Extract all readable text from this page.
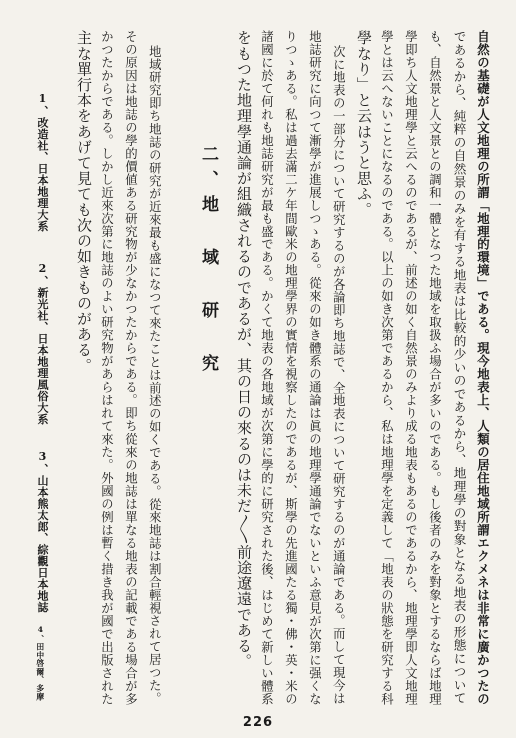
自然の基礎が人文地理の所謂「地理的環境」である。現今地表上、人類の居住地域所謂エクメネは非常に廣かつたの
であるから、純粹の自然景のみを有する地表は比較的少いのであるから、地理學の對象となる地表の形態について
も、自然景と人文景との調和一體となつた地域を取扱ふ場合が多いのである。もし後者のみを對象とするならば地理
學即ち人文地理學と云へるのであるが、前述の如く自然景のみより成る地表もあるのであるから、地理學即人文地理
學とは云へないことになるのである。以上の如き次第であるから、私は地理學を定義して「地表の狀態を研究する科
學なり」と云はうと思ふ。
次に地表の一部分について研究するのが各論即ち地誌で、全地表について研究するのが通論である。而して現今は
地誌研究に向つて漸學が進展しつゝある。從來の如き體系の通論は眞の地理學通論でないといふ意見が次第に强くな
りつゝある。私は過去滿二ケ年間歐米の地理學界の實情を視察したのであるが、斯學の先進國たる獨・佛・英・米の
諸國に於て何れも地誌研究が最も盛である。かくて地表の各地域が次第に學的に研究された後、はじめて新しい體系
をもつた地理學通論が組織されるのであるが、其の日の來るのは未だ〳〵前途遼遠である。
二、地 域 研 究
地域研究即ち地誌の研究が近來最も盛になつて來たことは前述の如くである。從來地誌は割合輕視されて居つた。
その原因は地誌の學的價値ある研究物が少なかつたからである。即ち從來の地誌は單なる地表の記載である場合が多
かつたからである。しかし近來次第に地誌のよい研究物があらはれて來た。外國の例は暫く措き我が國で出版された
主な單行本をあげて見ても次の如きものがある。
1、改造社、日本地理大系
2、新光社、日本地理風俗大系
3、山本熊太郎、綜觀日本地誌
4、田中啓爾、多摩
226
